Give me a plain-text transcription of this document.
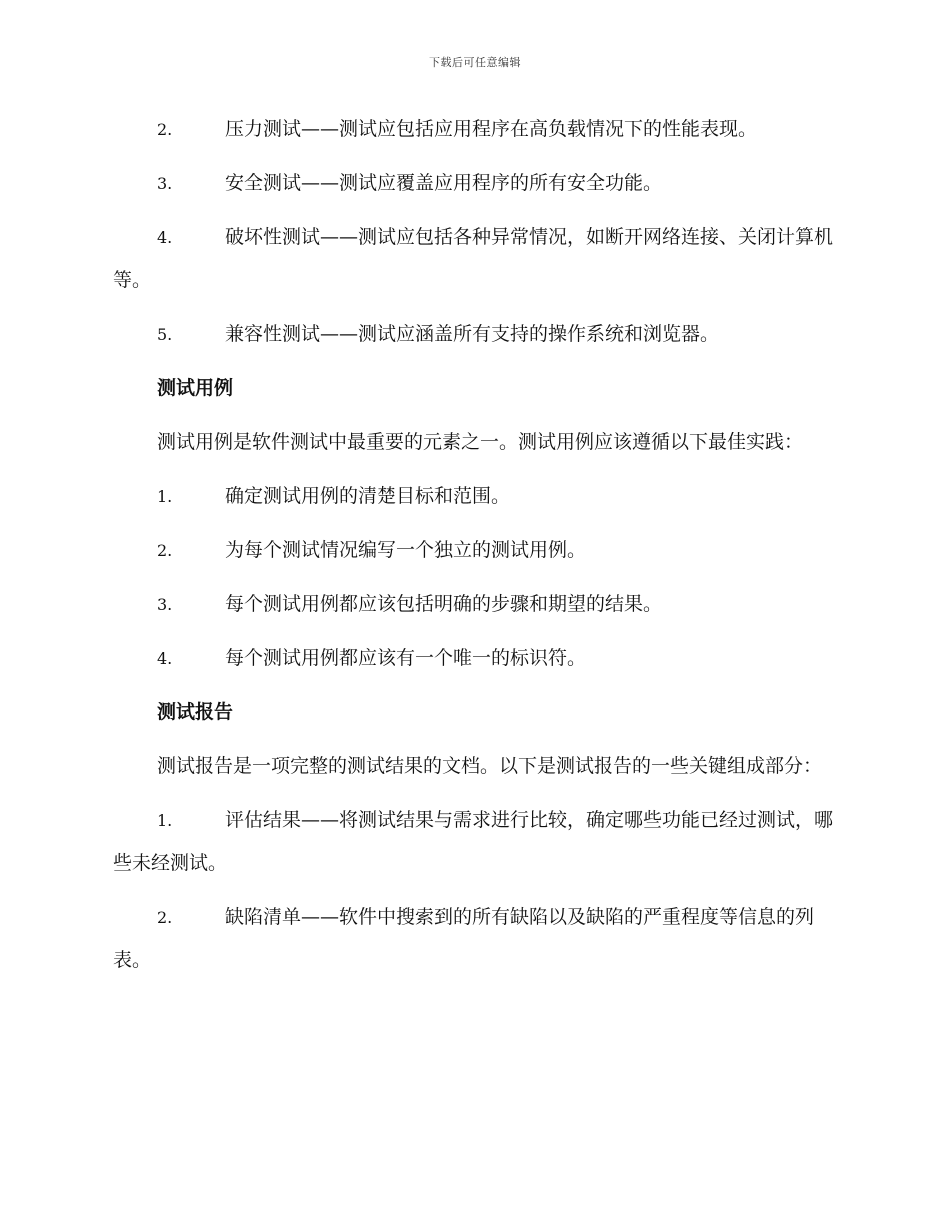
下载后可任意编辑
2.	压力测试——测试应包括应用程序在高负载情况下的性能表现。
3.	安全测试——测试应覆盖应用程序的所有安全功能。
4.	破坏性测试——测试应包括各种异常情况，如断开网络连接、关闭计算机等。
5.	兼容性测试——测试应涵盖所有支持的操作系统和浏览器。
测试用例
测试用例是软件测试中最重要的元素之一。测试用例应该遵循以下最佳实践：
1.	确定测试用例的清楚目标和范围。
2.	为每个测试情况编写一个独立的测试用例。
3.	每个测试用例都应该包括明确的步骤和期望的结果。
4.	每个测试用例都应该有一个唯一的标识符。
测试报告
测试报告是一项完整的测试结果的文档。以下是测试报告的一些关键组成部分：
1.	评估结果——将测试结果与需求进行比较，确定哪些功能已经过测试，哪些未经测试。
2.	缺陷清单——软件中搜索到的所有缺陷以及缺陷的严重程度等信息的列表。
